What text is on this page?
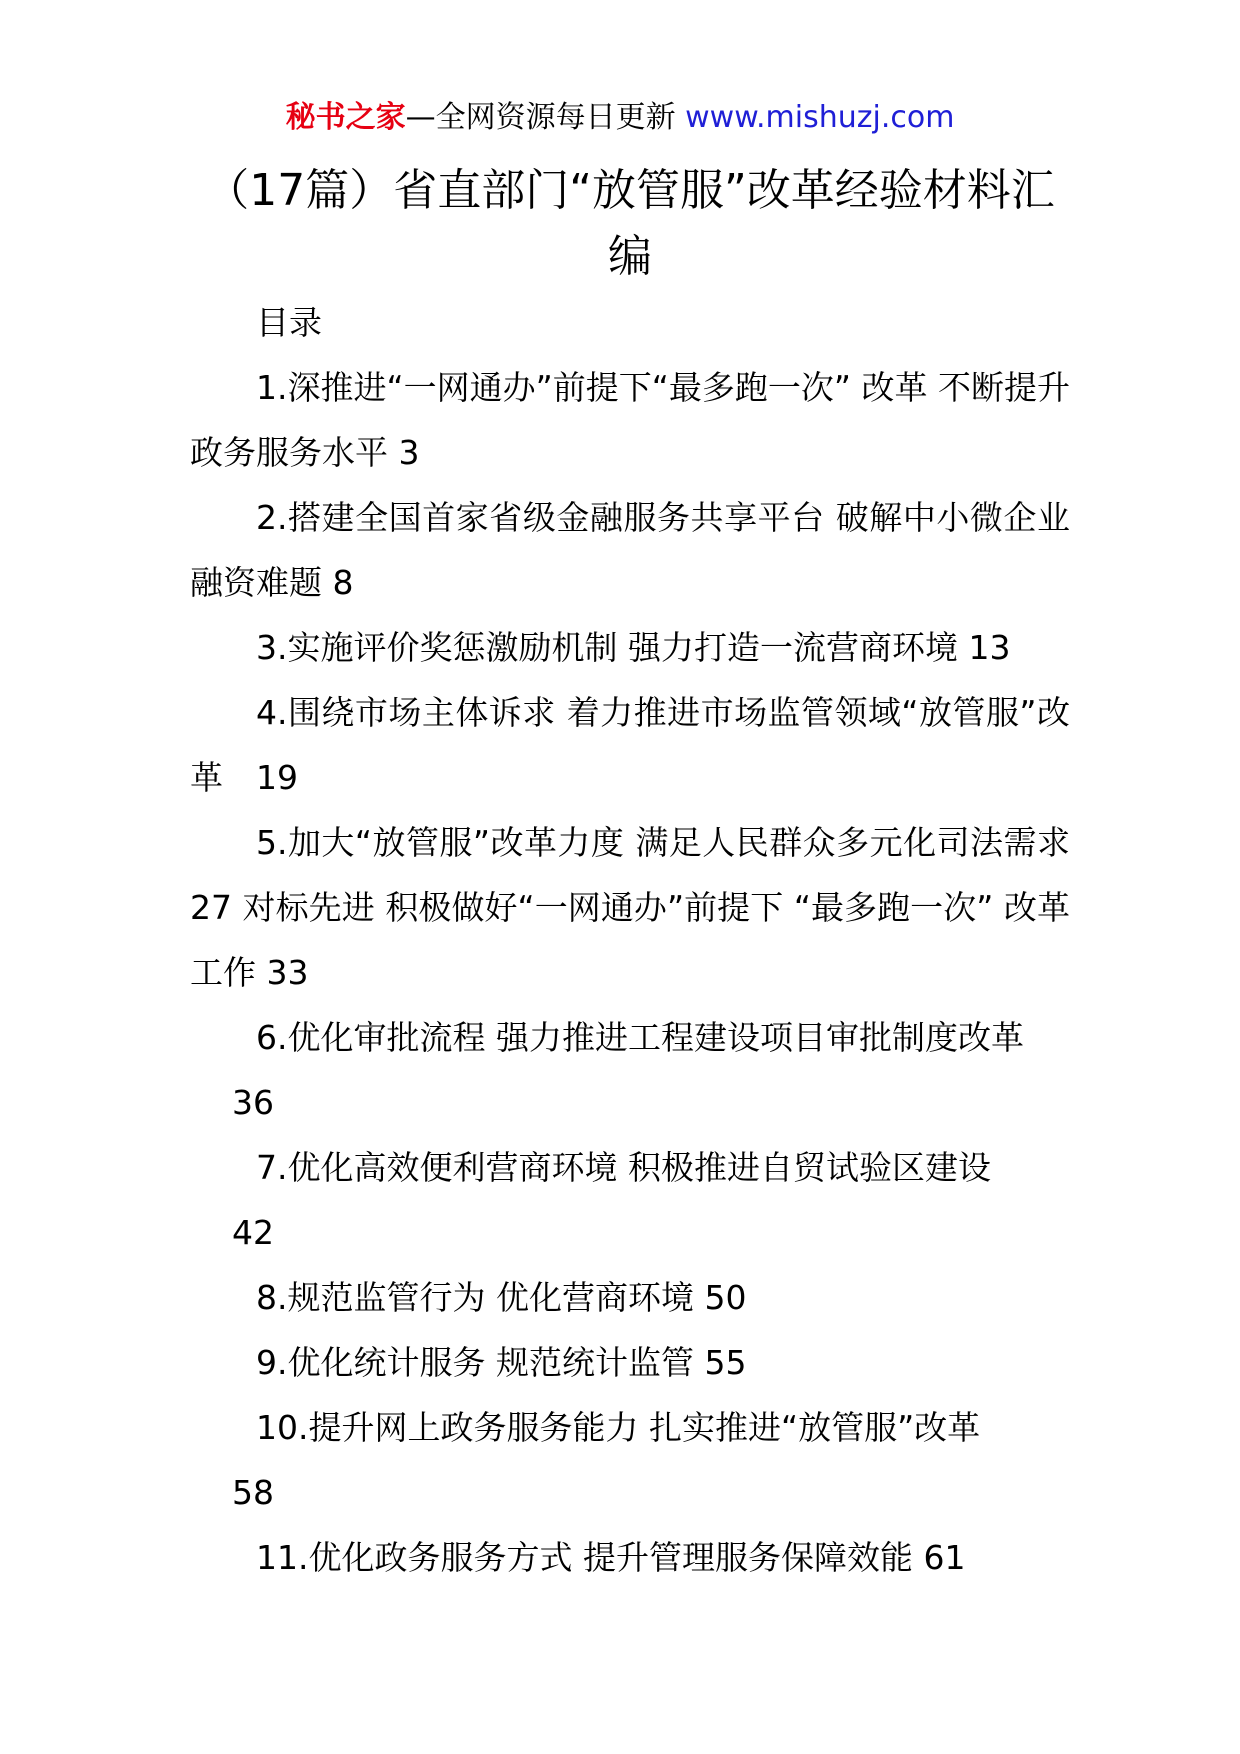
秘书之家—全网资源每日更新 www.mishuzj.com
（17篇）省直部门“放管服”改革经验材料汇编

目录

1.深推进“一网通办”前提下“最多跑一次” 改革 不断提升政务服务水平 3

2.搭建全国首家省级金融服务共享平台 破解中小微企业融资难题 8

3.实施评价奖惩激励机制 强力打造一流营商环境 13

4.围绕市场主体诉求 着力推进市场监管领域“放管服”改革　19

5.加大“放管服”改革力度 满足人民群众多元化司法需求 27 对标先进 积极做好“一网通办”前提下 “最多跑一次” 改革工作 33

6.优化审批流程 强力推进工程建设项目审批制度改革
36

7.优化高效便利营商环境 积极推进自贸试验区建设
42

8.规范监管行为 优化营商环境 50

9.优化统计服务 规范统计监管 55

10.提升网上政务服务能力 扎实推进“放管服”改革
58

11.优化政务服务方式 提升管理服务保障效能 61
